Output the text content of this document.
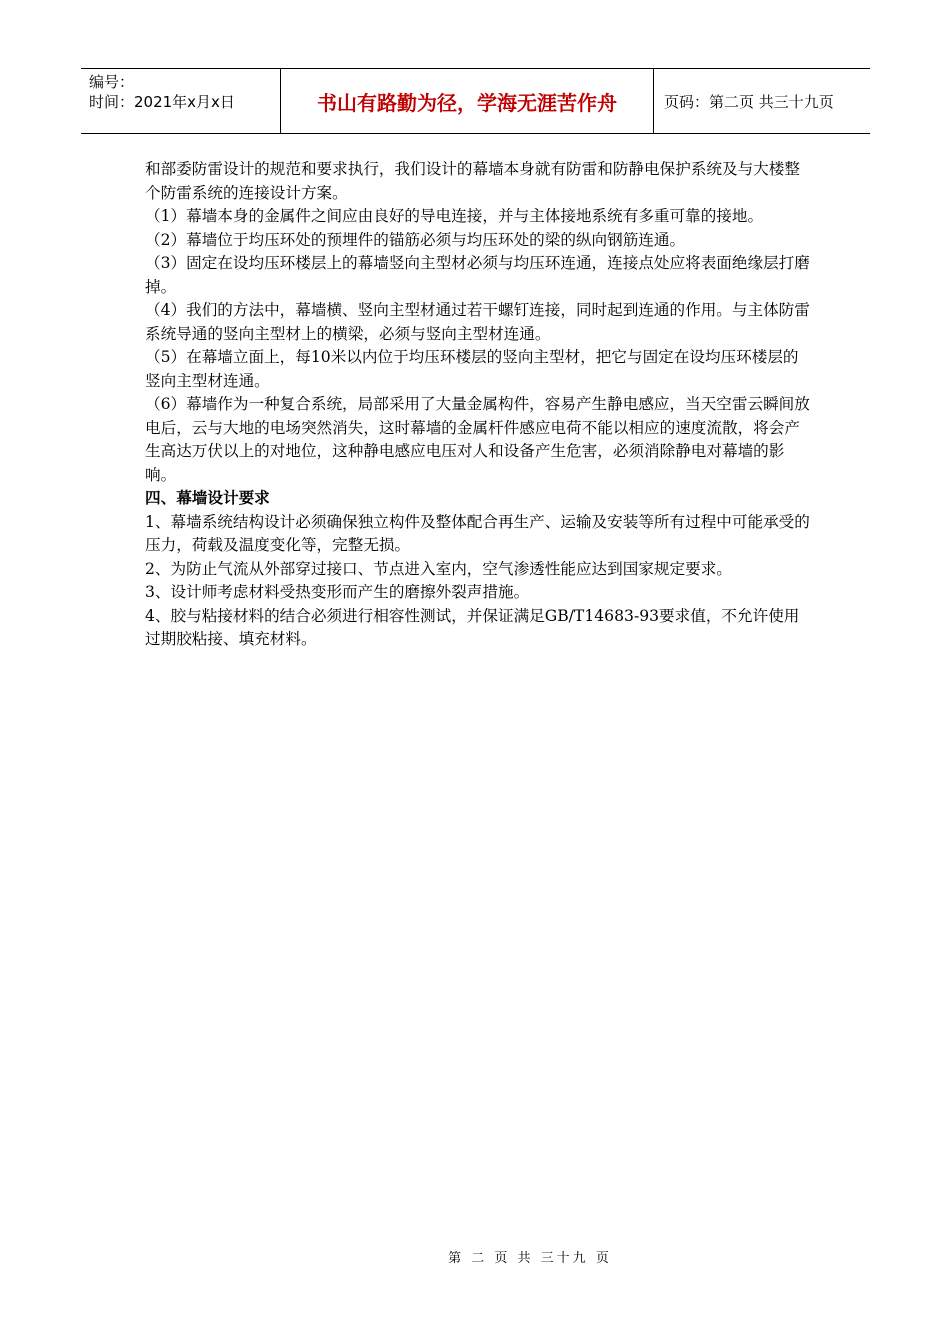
编号：
时间：2021年x月x日	书山有路勤为径，学海无涯苦作舟	页码：第二页 共三十九页

和部委防雷设计的规范和要求执行，我们设计的幕墙本身就有防雷和防静电保护系统及与大楼整个防雷系统的连接设计方案。

（1）幕墙本身的金属件之间应由良好的导电连接，并与主体接地系统有多重可靠的接地。

（2）幕墙位于均压环处的预埋件的锚筋必须与均压环处的梁的纵向钢筋连通。

（3）固定在设均压环楼层上的幕墙竖向主型材必须与均压环连通，连接点处应将表面绝缘层打磨掉。

（4）我们的方法中，幕墙横、竖向主型材通过若干螺钉连接，同时起到连通的作用。与主体防雷系统导通的竖向主型材上的横梁，必须与竖向主型材连通。

（5）在幕墙立面上，每10米以内位于均压环楼层的竖向主型材，把它与固定在设均压环楼层的竖向主型材连通。

（6）幕墙作为一种复合系统，局部采用了大量金属构件，容易产生静电感应，当天空雷云瞬间放电后，云与大地的电场突然消失，这时幕墙的金属杆件感应电荷不能以相应的速度流散，将会产生高达万伏以上的对地位，这种静电感应电压对人和设备产生危害，必须消除静电对幕墙的影响。

四、幕墙设计要求

1、幕墙系统结构设计必须确保独立构件及整体配合再生产、运输及安装等所有过程中可能承受的压力，荷载及温度变化等，完整无损。

2、为防止气流从外部穿过接口、节点进入室内，空气渗透性能应达到国家规定要求。

3、设计师考虑材料受热变形而产生的磨擦外裂声措施。

4、胶与粘接材料的结合必须进行相容性测试，并保证满足GB/T14683-93要求值，不允许使用过期胶粘接、填充材料。

第 二 页 共 三十九 页
